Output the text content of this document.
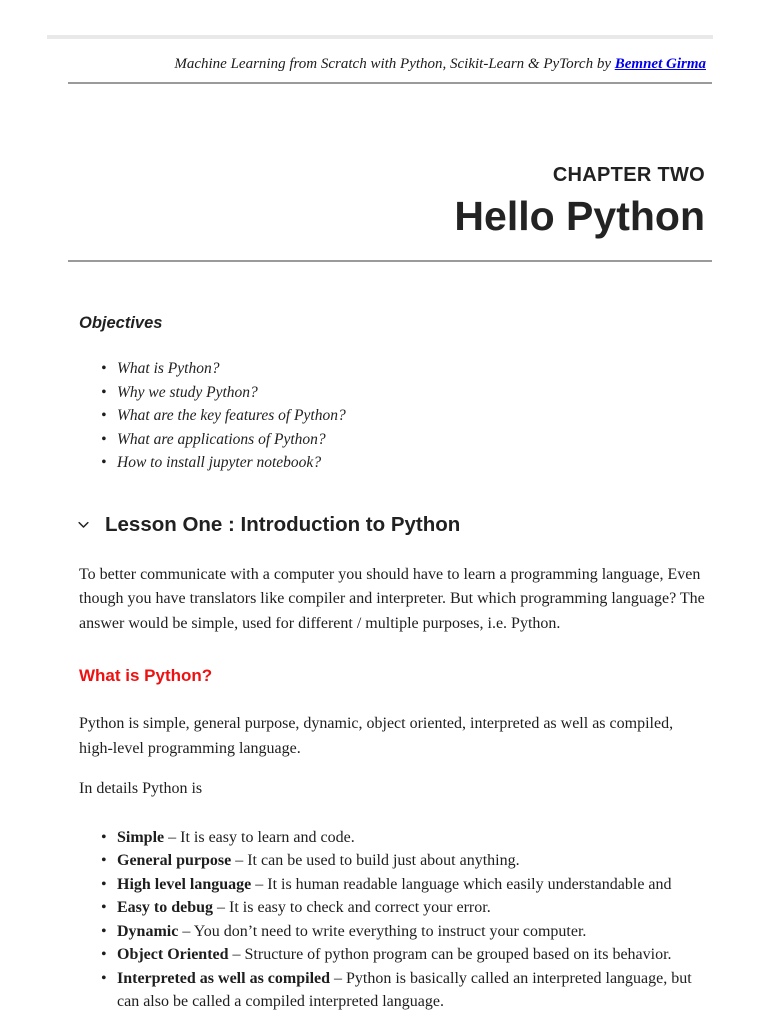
Machine Learning from Scratch with Python, Scikit-Learn & PyTorch by Bemnet Girma
CHAPTER TWO
Hello Python
Objectives
• What is Python?
• Why we study Python?
• What are the key features of Python?
• What are applications of Python?
• How to install jupyter notebook?
Lesson One : Introduction to Python

To better communicate with a computer you should have to learn a programming language, Even though you have translators like compiler and interpreter. But which programming language? The answer would be simple, used for different / multiple purposes, i.e. Python.

What is Python?

Python is simple, general purpose, dynamic, object oriented, interpreted as well as compiled, high-level programming language.

In details Python is

• Simple – It is easy to learn and code.
• General purpose – It can be used to build just about anything.
• High level language – It is human readable language which easily understandable and
• Easy to debug – It is easy to check and correct your error.
• Dynamic – You don’t need to write everything to instruct your computer.
• Object Oriented – Structure of python program can be grouped based on its behavior.
• Interpreted as well as compiled – Python is basically called an interpreted language, but can also be called a compiled interpreted language.
